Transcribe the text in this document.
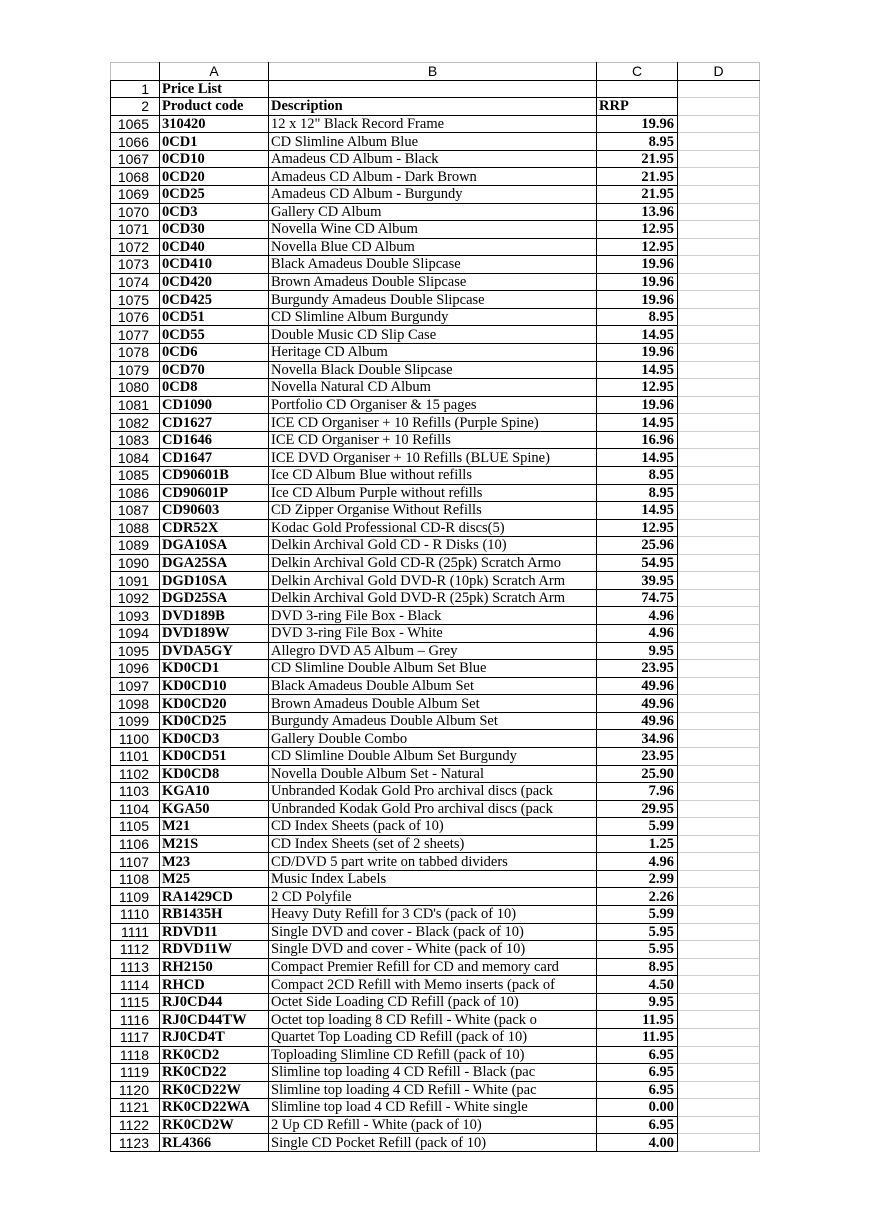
	A	B	C	D
1	Price List			
2	Product code	Description	RRP	
1065	310420	12 x 12" Black Record Frame	19.96	
1066	0CD1	CD Slimline Album Blue	8.95	
1067	0CD10	Amadeus CD Album - Black	21.95	
1068	0CD20	Amadeus CD Album - Dark Brown	21.95	
1069	0CD25	Amadeus CD Album - Burgundy	21.95	
1070	0CD3	Gallery CD Album	13.96	
1071	0CD30	Novella Wine CD Album	12.95	
1072	0CD40	Novella Blue CD Album	12.95	
1073	0CD410	Black Amadeus Double Slipcase	19.96	
1074	0CD420	Brown Amadeus Double Slipcase	19.96	
1075	0CD425	Burgundy Amadeus Double Slipcase	19.96	
1076	0CD51	CD Slimline Album Burgundy	8.95	
1077	0CD55	Double Music CD Slip Case	14.95	
1078	0CD6	Heritage CD Album	19.96	
1079	0CD70	Novella Black Double Slipcase	14.95	
1080	0CD8	Novella Natural CD Album	12.95	
1081	CD1090	Portfolio CD Organiser & 15 pages	19.96	
1082	CD1627	ICE CD Organiser + 10 Refills (Purple Spine)	14.95	
1083	CD1646	ICE CD Organiser + 10 Refills	16.96	
1084	CD1647	ICE DVD Organiser + 10 Refills (BLUE Spine)	14.95	
1085	CD90601B	Ice CD Album Blue without refills	8.95	
1086	CD90601P	Ice CD Album Purple without refills	8.95	
1087	CD90603	CD Zipper Organise Without Refills	14.95	
1088	CDR52X	Kodac Gold Professional CD-R discs(5)	12.95	
1089	DGA10SA	Delkin Archival Gold CD - R Disks (10)	25.96	
1090	DGA25SA	Delkin Archival Gold CD-R (25pk) Scratch Armo	54.95	
1091	DGD10SA	Delkin Archival Gold DVD-R (10pk) Scratch Arm	39.95	
1092	DGD25SA	Delkin Archival Gold DVD-R (25pk) Scratch Arm	74.75	
1093	DVD189B	DVD 3-ring File Box - Black	4.96	
1094	DVD189W	DVD 3-ring File Box - White	4.96	
1095	DVDA5GY	Allegro DVD A5 Album – Grey	9.95	
1096	KD0CD1	CD Slimline Double Album Set Blue	23.95	
1097	KD0CD10	Black Amadeus Double Album Set	49.96	
1098	KD0CD20	Brown Amadeus Double Album Set	49.96	
1099	KD0CD25	Burgundy Amadeus Double Album Set	49.96	
1100	KD0CD3	Gallery Double Combo	34.96	
1101	KD0CD51	CD Slimline Double Album Set Burgundy	23.95	
1102	KD0CD8	Novella Double Album Set - Natural	25.90	
1103	KGA10	Unbranded Kodak Gold Pro archival discs (pack	7.96	
1104	KGA50	Unbranded Kodak Gold Pro archival discs (pack	29.95	
1105	M21	CD Index Sheets (pack of 10)	5.99	
1106	M21S	CD Index Sheets (set of 2 sheets)	1.25	
1107	M23	CD/DVD 5 part write on tabbed dividers	4.96	
1108	M25	Music Index Labels	2.99	
1109	RA1429CD	2 CD Polyfile	2.26	
1110	RB1435H	Heavy Duty Refill for 3 CD's (pack of 10)	5.99	
1111	RDVD11	Single DVD and cover - Black (pack of 10)	5.95	
1112	RDVD11W	Single DVD and cover - White (pack of 10)	5.95	
1113	RH2150	Compact Premier Refill for CD and memory card	8.95	
1114	RHCD	Compact 2CD Refill with Memo inserts (pack of	4.50	
1115	RJ0CD44	Octet Side Loading CD Refill (pack of 10)	9.95	
1116	RJ0CD44TW	Octet top loading 8 CD Refill - White (pack o	11.95	
1117	RJ0CD4T	Quartet Top Loading CD Refill (pack of 10)	11.95	
1118	RK0CD2	Toploading Slimline CD Refill (pack of 10)	6.95	
1119	RK0CD22	Slimline top loading 4 CD Refill - Black (pac	6.95	
1120	RK0CD22W	Slimline top loading 4 CD Refill - White (pac	6.95	
1121	RK0CD22WA	Slimline top load 4 CD Refill - White single	0.00	
1122	RK0CD2W	2 Up CD Refill - White (pack of 10)	6.95	
1123	RL4366	Single CD Pocket Refill (pack of 10)	4.00	
